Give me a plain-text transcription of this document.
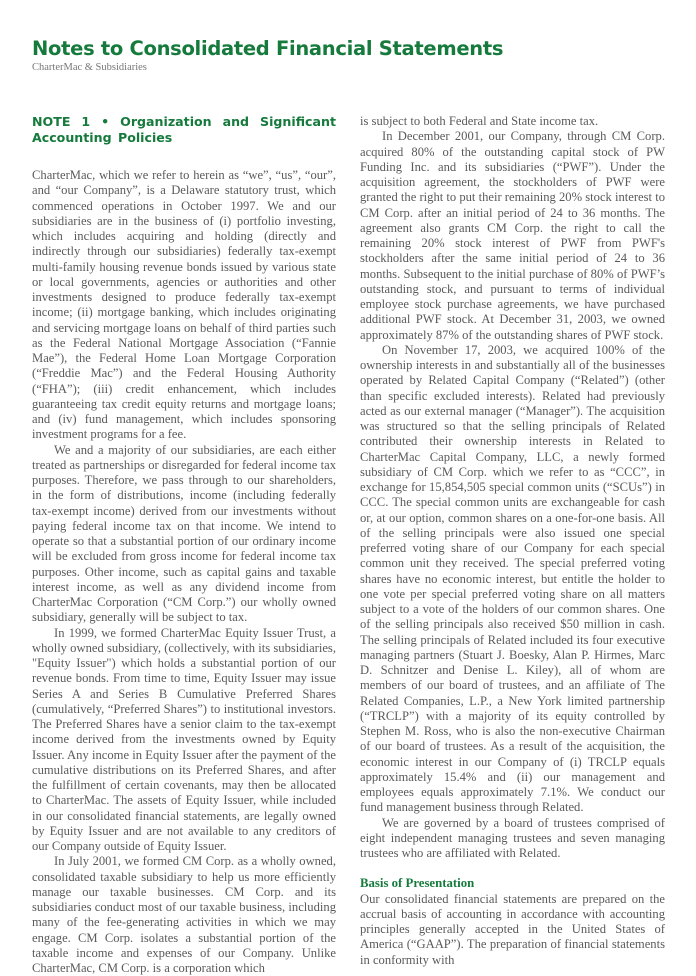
Notes to Consolidated Financial Statements
CharterMac & Subsidiaries
NOTE 1 • Organization and Significant Accounting Policies

CharterMac, which we refer to herein as “we”, “us”, “our”, and “our Company”, is a Delaware statutory trust, which commenced operations in October 1997. We and our subsidiaries are in the business of (i) portfolio investing, which includes acquiring and holding (directly and indirectly through our subsidiaries) federally tax-exempt multi-family housing revenue bonds issued by various state or local governments, agencies or authorities and other investments designed to produce federally tax-exempt income; (ii) mortgage banking, which includes originating and servicing mortgage loans on behalf of third parties such as the Federal National Mortgage Association (“Fannie Mae”), the Federal Home Loan Mortgage Corporation (“Freddie Mac”) and the Federal Housing Authority (“FHA”); (iii) credit enhancement, which includes guaranteeing tax credit equity returns and mortgage loans; and (iv) fund management, which includes sponsoring investment programs for a fee.

We and a majority of our subsidiaries, are each either treated as partnerships or disregarded for federal income tax purposes. Therefore, we pass through to our shareholders, in the form of distributions, income (including federally tax-exempt income) derived from our investments without paying federal income tax on that income. We intend to operate so that a substantial portion of our ordinary income will be excluded from gross income for federal income tax purposes. Other income, such as capital gains and taxable interest income, as well as any dividend income from CharterMac Corporation (“CM Corp.”) our wholly owned subsidiary, generally will be subject to tax.

In 1999, we formed CharterMac Equity Issuer Trust, a wholly owned subsidiary, (collectively, with its subsidiaries, "Equity Issuer") which holds a substantial portion of our revenue bonds. From time to time, Equity Issuer may issue Series A and Series B Cumulative Preferred Shares (cumulatively, “Preferred Shares”) to institutional investors. The Preferred Shares have a senior claim to the tax-exempt income derived from the investments owned by Equity Issuer. Any income in Equity Issuer after the payment of the cumulative distributions on its Preferred Shares, and after the fulfillment of certain covenants, may then be allocated to CharterMac. The assets of Equity Issuer, while included in our consolidated financial statements, are legally owned by Equity Issuer and are not available to any creditors of our Company outside of Equity Issuer.

In July 2001, we formed CM Corp. as a wholly owned, consolidated taxable subsidiary to help us more efficiently manage our taxable businesses. CM Corp. and its subsidiaries conduct most of our taxable business, including many of the fee-generating activities in which we may engage. CM Corp. isolates a substantial portion of the taxable income and expenses of our Company. Unlike CharterMac, CM Corp. is a corporation which

is subject to both Federal and State income tax.

In December 2001, our Company, through CM Corp. acquired 80% of the outstanding capital stock of PW Funding Inc. and its subsidiaries (“PWF”). Under the acquisition agreement, the stockholders of PWF were granted the right to put their remaining 20% stock interest to CM Corp. after an initial period of 24 to 36 months. The agreement also grants CM Corp. the right to call the remaining 20% stock interest of PWF from PWF's stockholders after the same initial period of 24 to 36 months. Subsequent to the initial purchase of 80% of PWF’s outstanding stock, and pursuant to terms of individual employee stock purchase agreements, we have purchased additional PWF stock. At December 31, 2003, we owned approximately 87% of the outstanding shares of PWF stock.

On November 17, 2003, we acquired 100% of the ownership interests in and substantially all of the businesses operated by Related Capital Company (“Related”) (other than specific excluded interests). Related had previously acted as our external manager (“Manager”). The acquisition was structured so that the selling principals of Related contributed their ownership interests in Related to CharterMac Capital Company, LLC, a newly formed subsidiary of CM Corp. which we refer to as “CCC”, in exchange for 15,854,505 special common units (“SCUs”) in CCC. The special common units are exchangeable for cash or, at our option, common shares on a one-for-one basis. All of the selling principals were also issued one special preferred voting share of our Company for each special common unit they received. The special preferred voting shares have no economic interest, but entitle the holder to one vote per special preferred voting share on all matters subject to a vote of the holders of our common shares. One of the selling principals also received $50 million in cash. The selling principals of Related included its four executive managing partners (Stuart J. Boesky, Alan P. Hirmes, Marc D. Schnitzer and Denise L. Kiley), all of whom are members of our board of trustees, and an affiliate of The Related Companies, L.P., a New York limited partnership (“TRCLP”) with a majority of its equity controlled by Stephen M. Ross, who is also the non-executive Chairman of our board of trustees. As a result of the acquisition, the economic interest in our Company of (i) TRCLP equals approximately 15.4% and (ii) our management and employees equals approximately 7.1%. We conduct our fund management business through Related.

We are governed by a board of trustees comprised of eight independent managing trustees and seven managing trustees who are affiliated with Related.

Basis of Presentation

Our consolidated financial statements are prepared on the accrual basis of accounting in accordance with accounting principles generally accepted in the United States of America (“GAAP”). The preparation of financial statements in conformity with
